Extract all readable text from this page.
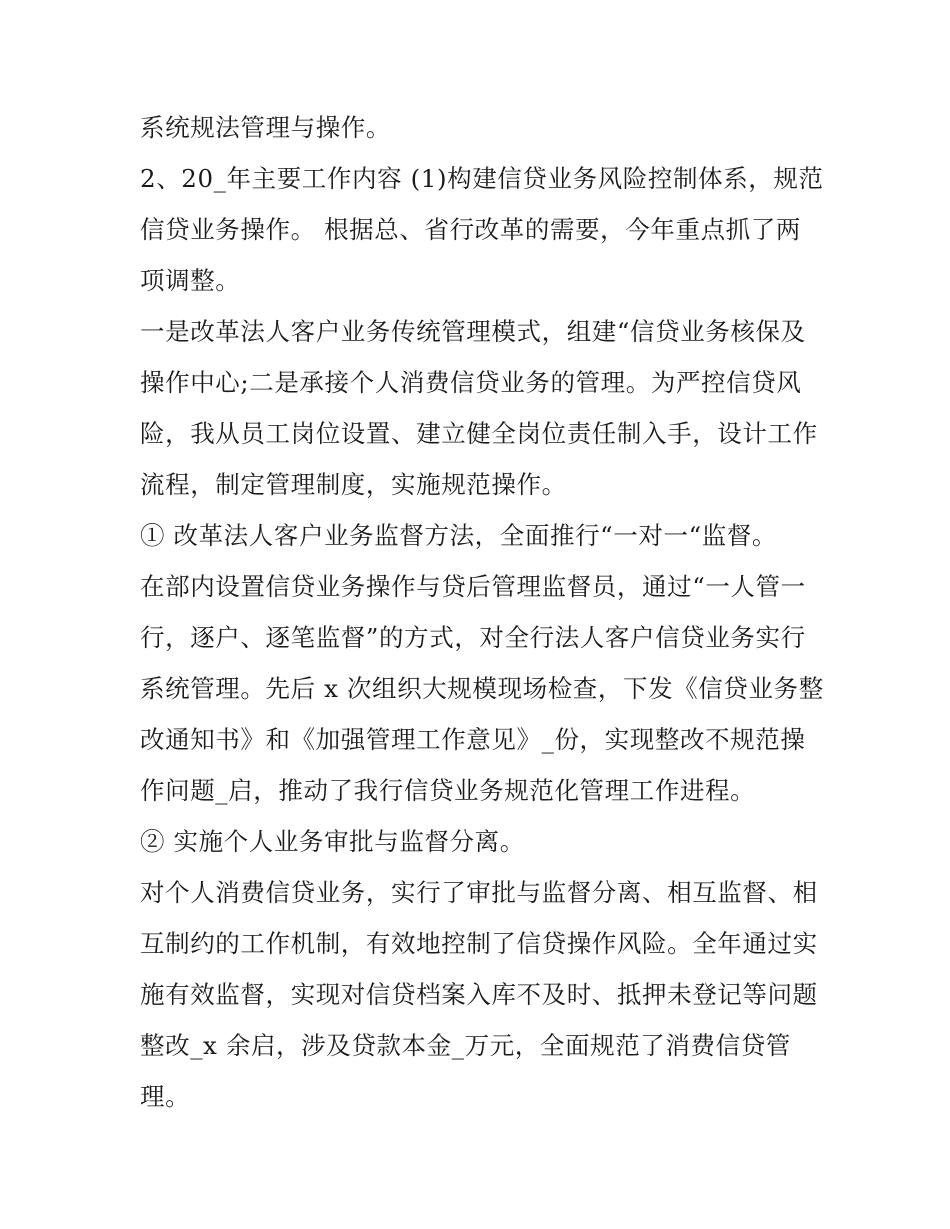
系统规法管理与操作。
2、20_年主要工作内容 (1)构建信贷业务风险控制体系，规范
信贷业务操作。 根据总、省行改革的需要，今年重点抓了两
项调整。
一是改革法人客户业务传统管理模式，组建“信贷业务核保及
操作中心;二是承接个人消费信贷业务的管理。为严控信贷风
险，我从员工岗位设置、建立健全岗位责任制入手，设计工作
流程，制定管理制度，实施规范操作。
① 改革法人客户业务监督方法，全面推行“一对一“监督。
在部内设置信贷业务操作与贷后管理监督员，通过“一人管一
行，逐户、逐笔监督”的方式，对全行法人客户信贷业务实行
系统管理。先后 x 次组织大规模现场检查，下发《信贷业务整
改通知书》和《加强管理工作意见》_份，实现整改不规范操
作问题_启，推动了我行信贷业务规范化管理工作进程。
② 实施个人业务审批与监督分离。
对个人消费信贷业务，实行了审批与监督分离、相互监督、相
互制约的工作机制，有效地控制了信贷操作风险。全年通过实
施有效监督，实现对信贷档案入库不及时、抵押未登记等问题
整改_x 余启，涉及贷款本金_万元，全面规范了消费信贷管
理。
